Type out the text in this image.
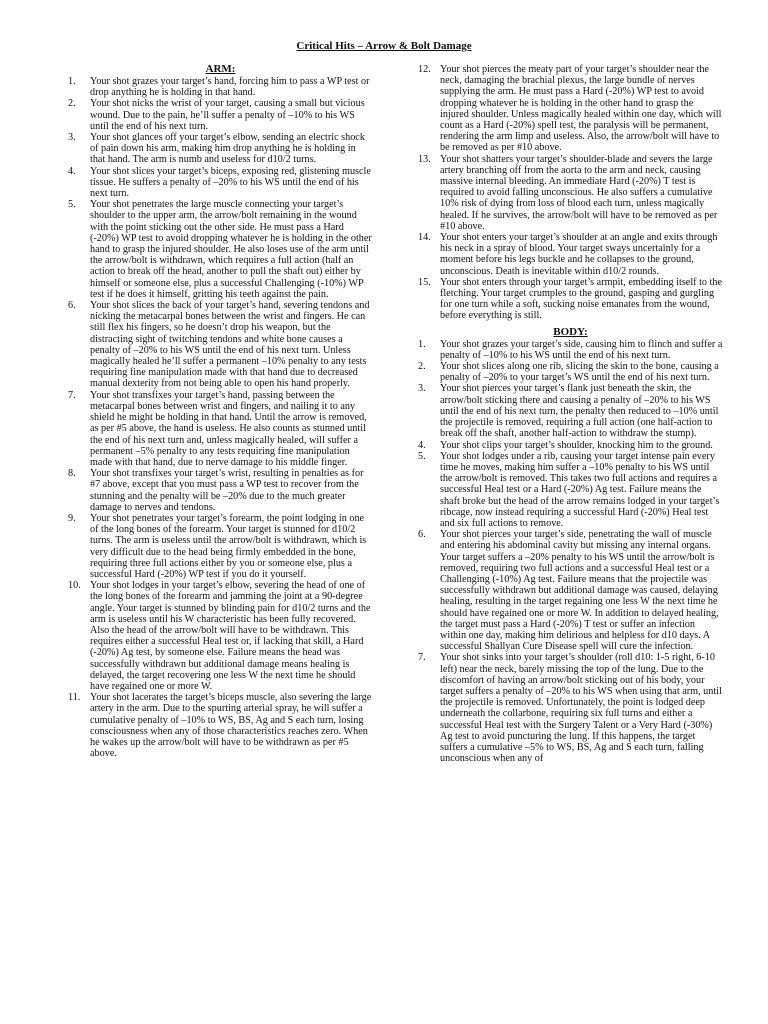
Critical Hits – Arrow & Bolt Damage
ARM:
1.	Your shot grazes your target’s hand, forcing him to pass a WP test or drop anything he is holding in that hand.
2.	Your shot nicks the wrist of your target, causing a small but vicious wound. Due to the pain, he’ll suffer a penalty of –10% to his WS until the end of his next turn.
3.	Your shot glances off your target’s elbow, sending an electric shock of pain down his arm, making him drop anything he is holding in that hand. The arm is numb and useless for d10/2 turns.
4.	Your shot slices your target’s biceps, exposing red, glistening muscle tissue. He suffers a penalty of –20% to his WS until the end of his next turn.
5.	Your shot penetrates the large muscle connecting your target’s shoulder to the upper arm, the arrow/bolt remaining in the wound with the point sticking out the other side. He must pass a Hard (-20%) WP test to avoid dropping whatever he is holding in the other hand to grasp the injured shoulder. He also loses use of the arm until the arrow/bolt is withdrawn, which requires a full action (half an action to break off the head, another to pull the shaft out) either by himself or someone else, plus a successful Challenging (-10%) WP test if he does it himself, gritting his teeth against the pain.
6.	Your shot slices the back of your target’s hand, severing tendons and nicking the metacarpal bones between the wrist and fingers. He can still flex his fingers, so he doesn’t drop his weapon, but the distracting sight of twitching tendons and white bone causes a penalty of –20% to his WS until the end of his next turn. Unless magically healed he’ll suffer a permanent –10% penalty to any tests requiring fine manipulation made with that hand due to decreased manual dexterity from not being able to open his hand properly.
7.	Your shot transfixes your target’s hand, passing between the metacarpal bones between wrist and fingers, and nailing it to any shield he might be holding in that hand. Until the arrow is removed, as per #5 above, the hand is useless. He also counts as stunned until the end of his next turn and, unless magically healed, will suffer a permanent –5% penalty to any tests requiring fine manipulation made with that hand, due to nerve damage to his middle finger.
8.	Your shot transfixes your target’s wrist, resulting in penalties as for #7 above, except that you must pass a WP test to recover from the stunning and the penalty will be –20% due to the much greater damage to nerves and tendons.
9.	Your shot penetrates your target’s forearm, the point lodging in one of the long bones of the forearm. Your target is stunned for d10/2 turns. The arm is useless until the arrow/bolt is withdrawn, which is very difficult due to the head being firmly embedded in the bone, requiring three full actions either by you or someone else, plus a successful Hard (-20%) WP test if you do it yourself.
10. Your shot lodges in your target’s elbow, severing the head of one of the long bones of the forearm and jamming the joint at a 90-degree angle. Your target is stunned by blinding pain for d10/2 turns and the arm is useless until his W characteristic has been fully recovered. Also the head of the arrow/bolt will have to be withdrawn. This requires either a successful Heal test or, if lacking that skill, a Hard (-20%) Ag test, by someone else. Failure means the head was successfully withdrawn but additional damage means healing is delayed, the target recovering one less W the next time he should have regained one or more W.
11. Your shot lacerates the target’s biceps muscle, also severing the large artery in the arm. Due to the spurting arterial spray, he will suffer a cumulative penalty of –10% to WS, BS, Ag and S each turn, losing consciousness when any of those characteristics reaches zero. When he wakes up the arrow/bolt will have to be withdrawn as per #5 above.
12. Your shot pierces the meaty part of your target’s shoulder near the neck, damaging the brachial plexus, the large bundle of nerves supplying the arm. He must pass a Hard (-20%) WP test to avoid dropping whatever he is holding in the other hand to grasp the injured shoulder. Unless magically healed within one day, which will count as a Hard (-20%) spell test, the paralysis will be permanent, rendering the arm limp and useless. Also, the arrow/bolt will have to be removed as per #10 above.
13. Your shot shatters your target’s shoulder-blade and severs the large artery branching off from the aorta to the arm and neck, causing massive internal bleeding. An immediate Hard (-20%) T test is required to avoid falling unconscious. He also suffers a cumulative 10% risk of dying from loss of blood each turn, unless magically healed. If he survives, the arrow/bolt will have to be removed as per #10 above.
14. Your shot enters your target’s shoulder at an angle and exits through his neck in a spray of blood. Your target sways uncertainly for a moment before his legs buckle and he collapses to the ground, unconscious. Death is inevitable within d10/2 rounds.
15. Your shot enters through your target’s armpit, embedding itself to the fletching. Your target crumples to the ground, gasping and gurgling for one turn while a soft, sucking noise emanates from the wound, before everything is still.
BODY:
1.	Your shot grazes your target’s side, causing him to flinch and suffer a penalty of –10% to his WS until the end of his next turn.
2.	Your shot slices along one rib, slicing the skin to the bone, causing a penalty of –20% to your target’s WS until the end of his next turn.
3.	Your shot pierces your target’s flank just beneath the skin, the arrow/bolt sticking there and causing a penalty of –20% to his WS until the end of his next turn, the penalty then reduced to –10% until the projectile is removed, requiring a full action (one half-action to break off the shaft, another half-action to withdraw the stump).
4.	Your shot clips your target’s shoulder, knocking him to the ground.
5.	Your shot lodges under a rib, causing your target intense pain every time he moves, making him suffer a –10% penalty to his WS until the arrow/bolt is removed. This takes two full actions and requires a successful Heal test or a Hard (-20%) Ag test. Failure means the shaft broke but the head of the arrow remains lodged in your target’s ribcage, now instead requiring a successful Hard (-20%) Heal test and six full actions to remove.
6.	Your shot pierces your target’s side, penetrating the wall of muscle and entering his abdominal cavity but missing any internal organs. Your target suffers a –20% penalty to his WS until the arrow/bolt is removed, requiring two full actions and a successful Heal test or a Challenging (-10%) Ag test. Failure means that the projectile was successfully withdrawn but additional damage was caused, delaying healing, resulting in the target regaining one less W the next time he should have regained one or more W. In addition to delayed healing, the target must pass a Hard (-20%) T test or suffer an infection within one day, making him delirious and helpless for d10 days. A successful Shallyan Cure Disease spell will cure the infection.
7.	Your shot sinks into your target’s shoulder (roll d10: 1-5 right, 6-10 left) near the neck, barely missing the top of the lung. Due to the discomfort of having an arrow/bolt sticking out of his body, your target suffers a penalty of –20% to his WS when using that arm, until the projectile is removed. Unfortunately, the point is lodged deep underneath the collarbone, requiring six full turns and either a successful Heal test with the Surgery Talent or a Very Hard (-30%) Ag test to avoid puncturing the lung. If this happens, the target suffers a cumulative –5% to WS, BS, Ag and S each turn, falling unconscious when any of
